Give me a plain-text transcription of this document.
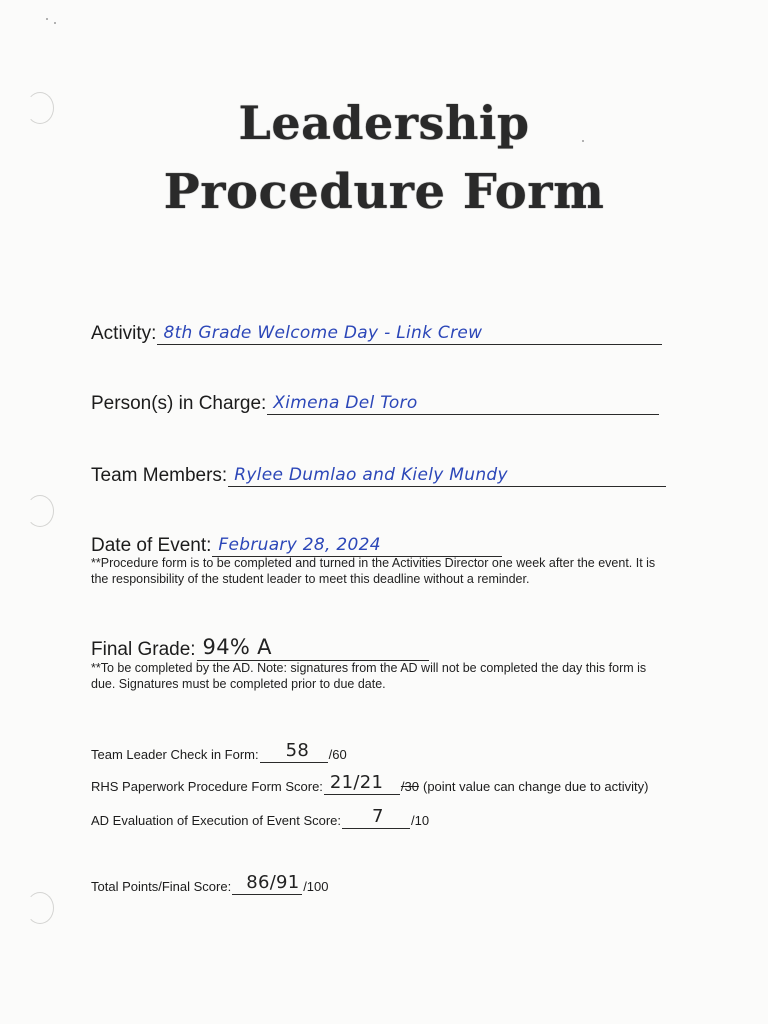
Leadership
Procedure Form
Activity: 8th Grade Welcome Day - Link Crew
Person(s) in Charge: Ximena Del Toro
Team Members: Rylee Dumlao and Kiely Mundy
Date of Event: February 28, 2024
**Procedure form is to be completed and turned in the Activities Director one week after the event. It is the responsibility of the student leader to meet this deadline without a reminder.
Final Grade: 94% A
**To be completed by the AD. Note: signatures from the AD will not be completed the day this form is due. Signatures must be completed prior to due date.
Team Leader Check in Form: 58 /60
RHS Paperwork Procedure Form Score: 21/21 /30 (point value can change due to activity)
AD Evaluation of Execution of Event Score: 7 /10
Total Points/Final Score: 86/91 /100
